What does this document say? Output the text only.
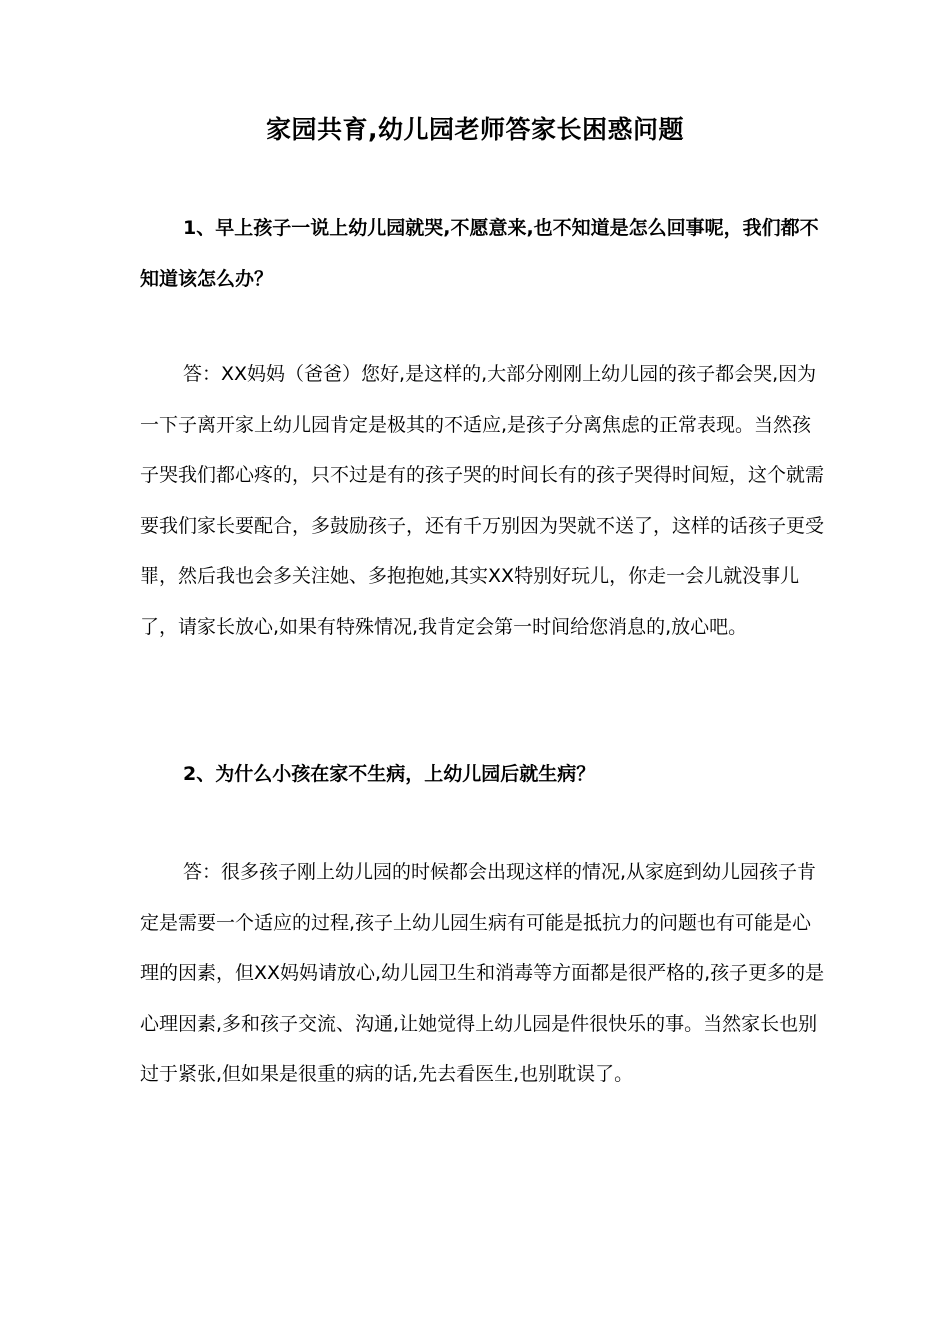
家园共育,幼儿园老师答家长困惑问题

1、早上孩子一说上幼儿园就哭,不愿意来,也不知道是怎么回事呢，我们都不知道该怎么办？

答：XX妈妈（爸爸）您好,是这样的,大部分刚刚上幼儿园的孩子都会哭,因为一下子离开家上幼儿园肯定是极其的不适应,是孩子分离焦虑的正常表现。当然孩子哭我们都心疼的，只不过是有的孩子哭的时间长有的孩子哭得时间短，这个就需要我们家长要配合，多鼓励孩子，还有千万别因为哭就不送了，这样的话孩子更受罪，然后我也会多关注她、多抱抱她,其实XX特别好玩儿，你走一会儿就没事儿了，请家长放心,如果有特殊情况,我肯定会第一时间给您消息的,放心吧。

2、为什么小孩在家不生病，上幼儿园后就生病？

答：很多孩子刚上幼儿园的时候都会出现这样的情况,从家庭到幼儿园孩子肯定是需要一个适应的过程,孩子上幼儿园生病有可能是抵抗力的问题也有可能是心理的因素，但XX妈妈请放心,幼儿园卫生和消毒等方面都是很严格的,孩子更多的是心理因素,多和孩子交流、沟通,让她觉得上幼儿园是件很快乐的事。当然家长也别过于紧张,但如果是很重的病的话,先去看医生,也别耽误了。
